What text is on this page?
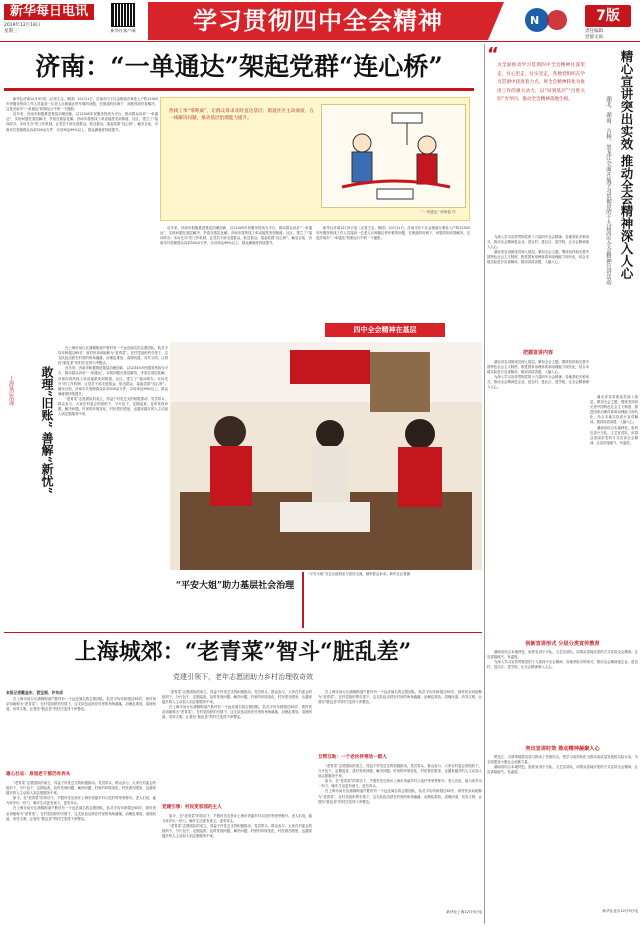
新华每日电讯
2019年12月18日
星期三	新华社客户端	学习贯彻四中全会精神	N	7版
责任编辑
党郁文质
济南：“一单通达”架起党群“连心桥”

新华社济南12月9日电（记者王志、陈国）10月11日，济南市历下区金街道办事处入户的12345市民服务热线工作人员接到一位老人反映辖区停车难的问题，在街道的协调下，问题得到妥善解决。这是济南市“一单通达”机制运行中的一个缩影。

近年来，济南市积极推进基层治理创新，以12345市民服务热线为平台，推动群众诉求“一单通达”，实现问题在基层解决、矛盾在基层化解。济南市将热线工单直接派发到街道、社区，建立了“接诉即办、未诉先办”的工作机制，让党员干部走进群众、贴近群众，架起党群“连心桥”。截至目前，济南市共受理群众诉求500余万件，办结率达99%以上，群众满意度持续提升。

热线工单“零距离”，让群众诉求及时直达基层；街道社区主动承接，在一线解决问题，推动基层治理能力提升。
“一单通达” 商海春 作

近年来，济南市积极推进基层治理创新，以12345市民服务热线为平台，推动群众诉求“一单通达”，实现问题在基层解决、矛盾在基层化解。济南市将热线工单直接派发到街道、社区，建立了“接诉即办、未诉先办”的工作机制，让党员干部走进群众、贴近群众，架起党群“连心桥”。截至目前，济南市共受理群众诉求500余万件，办结率达99%以上，群众满意度持续提升。

新华社济南12月9日电（记者王志、陈国）10月11日，济南市历下区金街道办事处入户的12345市民服务热线工作人员接到一位老人反映辖区停车难的问题，在街道的协调下，问题得到妥善解决。这是济南市“一单通达”机制运行中的一个缩影。

四中全会精神在基层
“
为全面推动学习贯彻四中全会精神往深里走、往心里走、往实里走，各地党组织在学习贯彻中找准着力点，将全会精神转化为推进工作的强大动力，以“回到基层”“百姓关切”为导向，推动全会精神落地生根。	精心宣讲突出实效 推动全会精神深入人心
湖北、湖南、吉林、黑龙江全面开展学习贯彻党的十九届四中全会精神宣讲活动

为深入学习宣传贯彻党的十九届四中全会精神，各地采取多种形式，推动全会精神进企业、进农村、进社区、进学校，让全会精神深入人心。

湖北省宣讲团成员深入基层，紧扣全会主题，围绕坚持和完善中国特色社会主义制度、推进国家治理体系和治理能力现代化，结合本地实际进行宣讲解读，做到讲清讲透、入脑入心。

把握宣讲内容

湖北省宣讲团成员深入基层，紧扣全会主题，围绕坚持和完善中国特色社会主义制度、推进国家治理体系和治理能力现代化，结合本地实际进行宣讲解读，做到讲清讲透、入脑入心。

为深入学习宣传贯彻党的十九届四中全会精神，各地采取多种形式，推动全会精神进企业、进农村、进社区、进学校，让全会精神深入人心。

湖北省宣讲团成员深入基层，紧扣全会主题，围绕坚持和完善中国特色社会主义制度、推进国家治理体系和治理能力现代化，结合本地实际进行宣讲解读，做到讲清讲透、入脑入心。

湖南省结合本地特色，组织宣讲小分队、文艺宣讲队，用群众喜闻乐见的方式宣讲全会精神，让宣讲接地气、有温度。

创新宣讲形式 分层分类宣传教育

湖南省结合本地特色，组织宣讲小分队、文艺宣讲队，用群众喜闻乐见的方式宣讲全会精神，让宣讲接地气、有温度。

为深入学习宣传贯彻党的十九届四中全会精神，各地采取多种形式，推动全会精神进企业、进农村、进社区、进学校，让全会精神深入人心。

突出宣讲时效 推动精神凝聚人心

黑龙江、吉林等地将宣讲与推动工作相结合，把学习成效转化为推动高质量发展的实际行动，为全面建成小康社会贡献力量。

湖南省结合本地特色，组织宣讲小分队、文艺宣讲队，用群众喜闻乐见的方式宣讲全会精神，让宣讲接地气、有温度。

新华社北京12月9日电
敢理“旧账” 善解“新忧”
上海基层治理

在上海市闵行区浦锦街道芦胜村有一个远近闻名的志愿团队，队员平均年龄超过65岁，被村民亲切地称为“老青菜”。在村党组织的引领下，这支队伍活跃在村里的角角落落，治理乱堆放、清理河道、劝导文明，让曾经“脏乱差”的村庄变得干净整洁。

近年来，济南市积极推进基层治理创新，以12345市民服务热线为平台，推动群众诉求“一单通达”，实现问题在基层解决、矛盾在基层化解。济南市将热线工单直接派发到街道、社区，建立了“接诉即办、未诉先办”的工作机制，让党员干部走进群众、贴近群众，架起党群“连心桥”。截至目前，济南市共受理群众诉求500余万件，办结率达99%以上，群众满意度持续提升。

“老青菜”志愿团队的成立，得益于村党总支的积极推动。党员带头、群众参与，大家在村委会的组织下，分片包干，定期巡查，及时发现问题、解决问题。村里的环境变化，村民看在眼里，也越来越多的人主动加入到志愿服务中来。

“平安大姐”助力基层社会治理
“平安大姐”在社区值班室与居民交流，倾听群众诉求。新华社记者摄
上海城郊：“老青菜”智斗“脏乱差”
党建引领下，老年志愿团助力乡村治理收奇效
本报记者戴金东、袁宝娟、许东成

在上海市闵行区浦锦街道芦胜村有一个远近闻名的志愿团队，队员平均年龄超过65岁，被村民亲切地称为“老青菜”。在村党组织的引领下，这支队伍活跃在村里的角角落落，治理乱堆放、清理河道、劝导文明，让曾经“脏乱差”的村庄变得干净整洁。

雄心壮志：身退老干部仍有奔头

“老青菜”志愿团队的成立，得益于村党总支的积极推动。党员带头、群众参与，大家在村委会的组织下，分片包干，定期巡查，及时发现问题、解决问题。村里的环境变化，村民看在眼里，也越来越多的人主动加入到志愿服务中来。

如今，在“老青菜”的带动下，芦胜村先后获评上海市美丽乡村示范村等荣誉称号。老人们说，能为家乡出一份力，晚年生活更有意义、更有奔头。

在上海市闵行区浦锦街道芦胜村有一个远近闻名的志愿团队，队员平均年龄超过65岁，被村民亲切地称为“老青菜”。在村党组织的引领下，这支队伍活跃在村里的角角落落，治理乱堆放、清理河道、劝导文明，让曾经“脏乱差”的村庄变得干净整洁。

“老青菜”志愿团队的成立，得益于村党总支的积极推动。党员带头、群众参与，大家在村委会的组织下，分片包干，定期巡查，及时发现问题、解决问题。村里的环境变化，村民看在眼里，也越来越多的人主动加入到志愿服务中来。

在上海市闵行区浦锦街道芦胜村有一个远近闻名的志愿团队，队员平均年龄超过65岁，被村民亲切地称为“老青菜”。在村党组织的引领下，这支队伍活跃在村里的角角落落，治理乱堆放、清理河道、劝导文明，让曾经“脏乱差”的村庄变得干净整洁。

党建引领：村民变家园的主人

如今，在“老青菜”的带动下，芦胜村先后获评上海市美丽乡村示范村等荣誉称号。老人们说，能为家乡出一份力，晚年生活更有意义、更有奔头。

“老青菜”志愿团队的成立，得益于村党总支的积极推动。党员带头、群众参与，大家在村委会的组织下，分片包干，定期巡查，及时发现问题、解决问题。村里的环境变化，村民看在眼里，也越来越多的人主动加入到志愿服务中来。

在上海市闵行区浦锦街道芦胜村有一个远近闻名的志愿团队，队员平均年龄超过65岁，被村民亲切地称为“老青菜”。在村党组织的引领下，这支队伍活跃在村里的角角落落，治理乱堆放、清理河道、劝导文明，让曾经“脏乱差”的村庄变得干净整洁。

互帮互助：一个老伙伴带动一群人

“老青菜”志愿团队的成立，得益于村党总支的积极推动。党员带头、群众参与，大家在村委会的组织下，分片包干，定期巡查，及时发现问题、解决问题。村里的环境变化，村民看在眼里，也越来越多的人主动加入到志愿服务中来。

如今，在“老青菜”的带动下，芦胜村先后获评上海市美丽乡村示范村等荣誉称号。老人们说，能为家乡出一份力，晚年生活更有意义、更有奔头。

在上海市闵行区浦锦街道芦胜村有一个远近闻名的志愿团队，队员平均年龄超过65岁，被村民亲切地称为“老青菜”。在村党组织的引领下，这支队伍活跃在村里的角角落落，治理乱堆放、清理河道、劝导文明，让曾经“脏乱差”的村庄变得干净整洁。

新华社上海12月9日电
